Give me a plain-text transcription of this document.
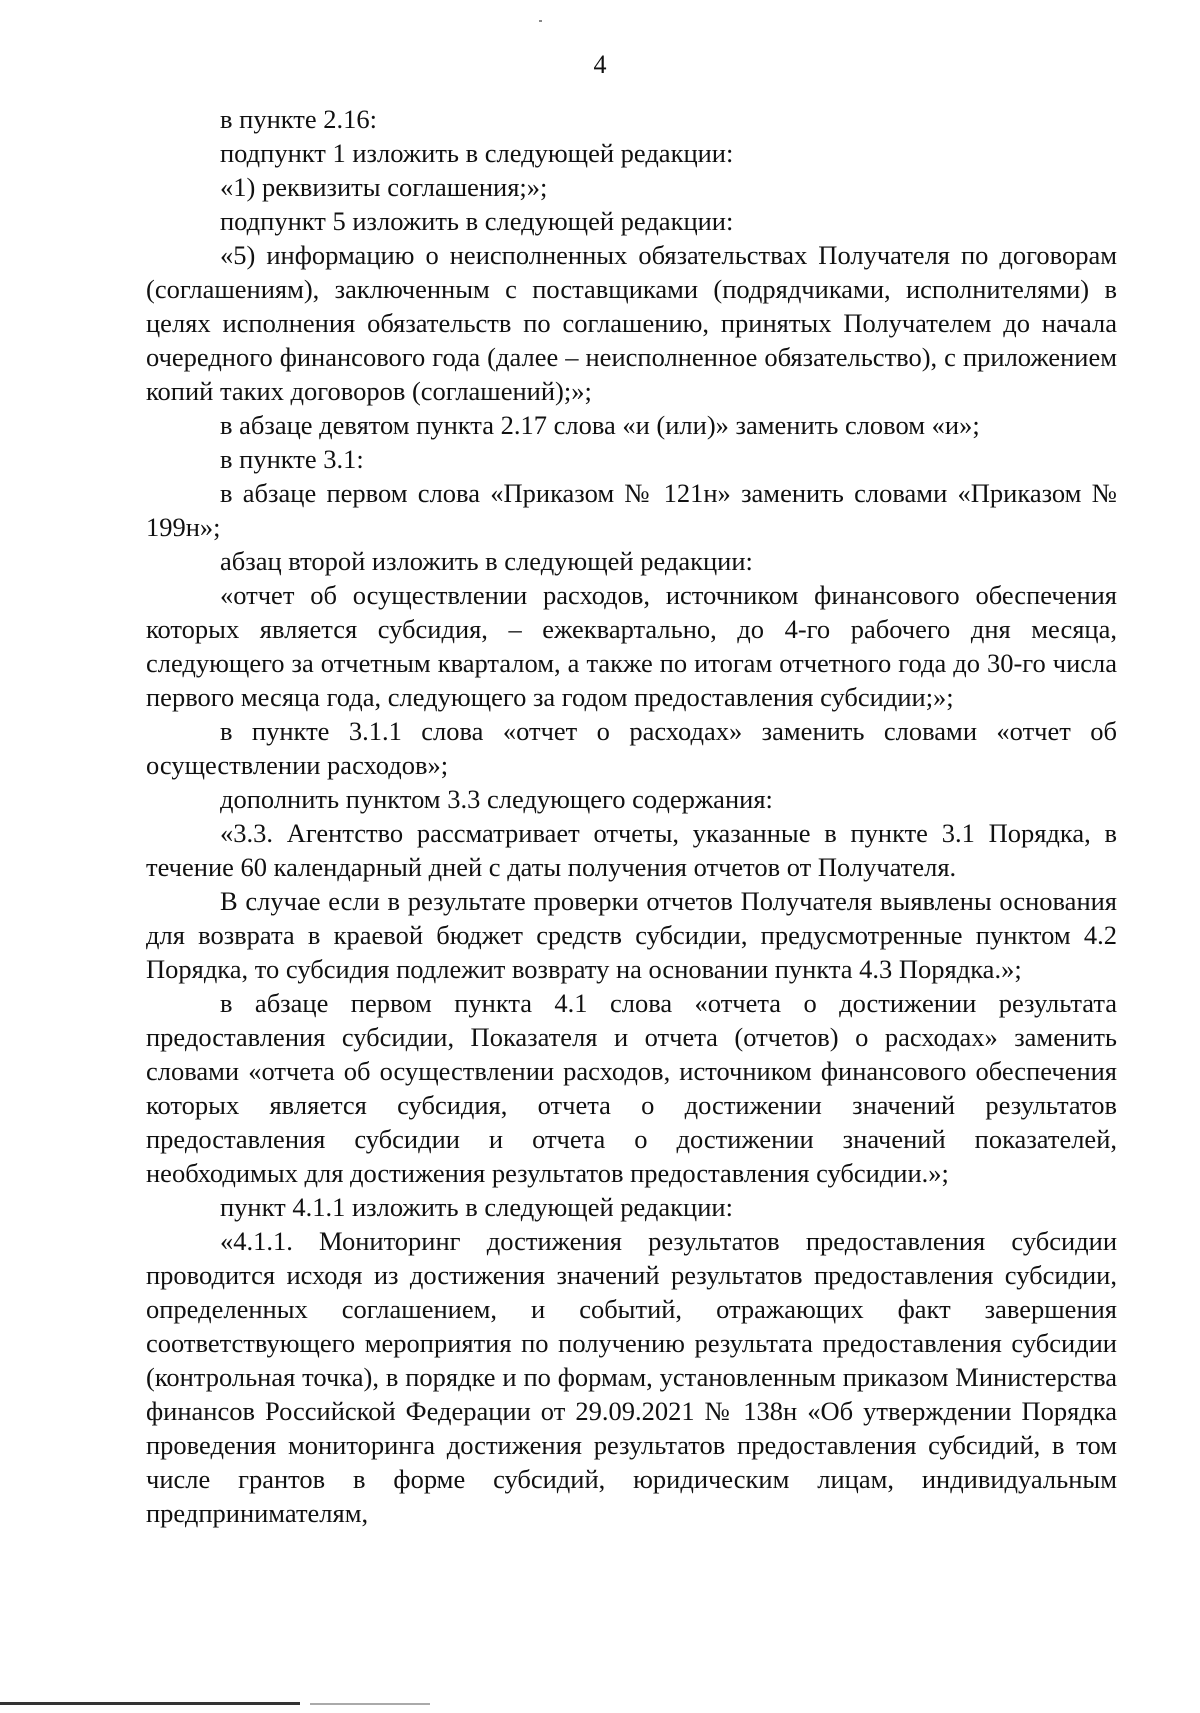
4

в пункте 2.16:

подпункт 1 изложить в следующей редакции:

«1) реквизиты соглашения;»;

подпункт 5 изложить в следующей редакции:

«5) информацию о неисполненных обязательствах Получателя по договорам (соглашениям), заключенным с поставщиками (подрядчиками, исполнителями) в целях исполнения обязательств по соглашению, принятых Получателем до начала очередного финансового года (далее – неисполненное обязательство), с приложением копий таких договоров (соглашений);»;

в абзаце девятом пункта 2.17 слова «и (или)» заменить словом «и»;

в пункте 3.1:

в абзаце первом слова «Приказом № 121н» заменить словами «Приказом № 199н»;

абзац второй изложить в следующей редакции:

«отчет об осуществлении расходов, источником финансового обеспечения которых является субсидия, – ежеквартально, до 4-го рабочего дня месяца, следующего за отчетным кварталом, а также по итогам отчетного года до 30-го числа первого месяца года, следующего за годом предоставления субсидии;»;

в пункте 3.1.1 слова «отчет о расходах» заменить словами «отчет об осуществлении расходов»;

дополнить пунктом 3.3 следующего содержания:

«3.3. Агентство рассматривает отчеты, указанные в пункте 3.1 Порядка, в течение 60 календарный дней с даты получения отчетов от Получателя.

В случае если в результате проверки отчетов Получателя выявлены основания для возврата в краевой бюджет средств субсидии, предусмотренные пунктом 4.2 Порядка, то субсидия подлежит возврату на основании пункта 4.3 Порядка.»;

в абзаце первом пункта 4.1 слова «отчета о достижении результата предоставления субсидии, Показателя и отчета (отчетов) о расходах» заменить словами «отчета об осуществлении расходов, источником финансового обеспечения которых является субсидия, отчета о достижении значений результатов предоставления субсидии и отчета о достижении значений показателей, необходимых для достижения результатов предоставления субсидии.»;

пункт 4.1.1 изложить в следующей редакции:

«4.1.1. Мониторинг достижения результатов предоставления субсидии проводится исходя из достижения значений результатов предоставления субсидии, определенных соглашением, и событий, отражающих факт завершения соответствующего мероприятия по получению результата предоставления субсидии (контрольная точка), в порядке и по формам, установленным приказом Министерства финансов Российской Федерации от 29.09.2021 № 138н «Об утверждении Порядка проведения мониторинга достижения результатов предоставления субсидий, в том числе грантов в форме субсидий, юридическим лицам, индивидуальным предпринимателям,
